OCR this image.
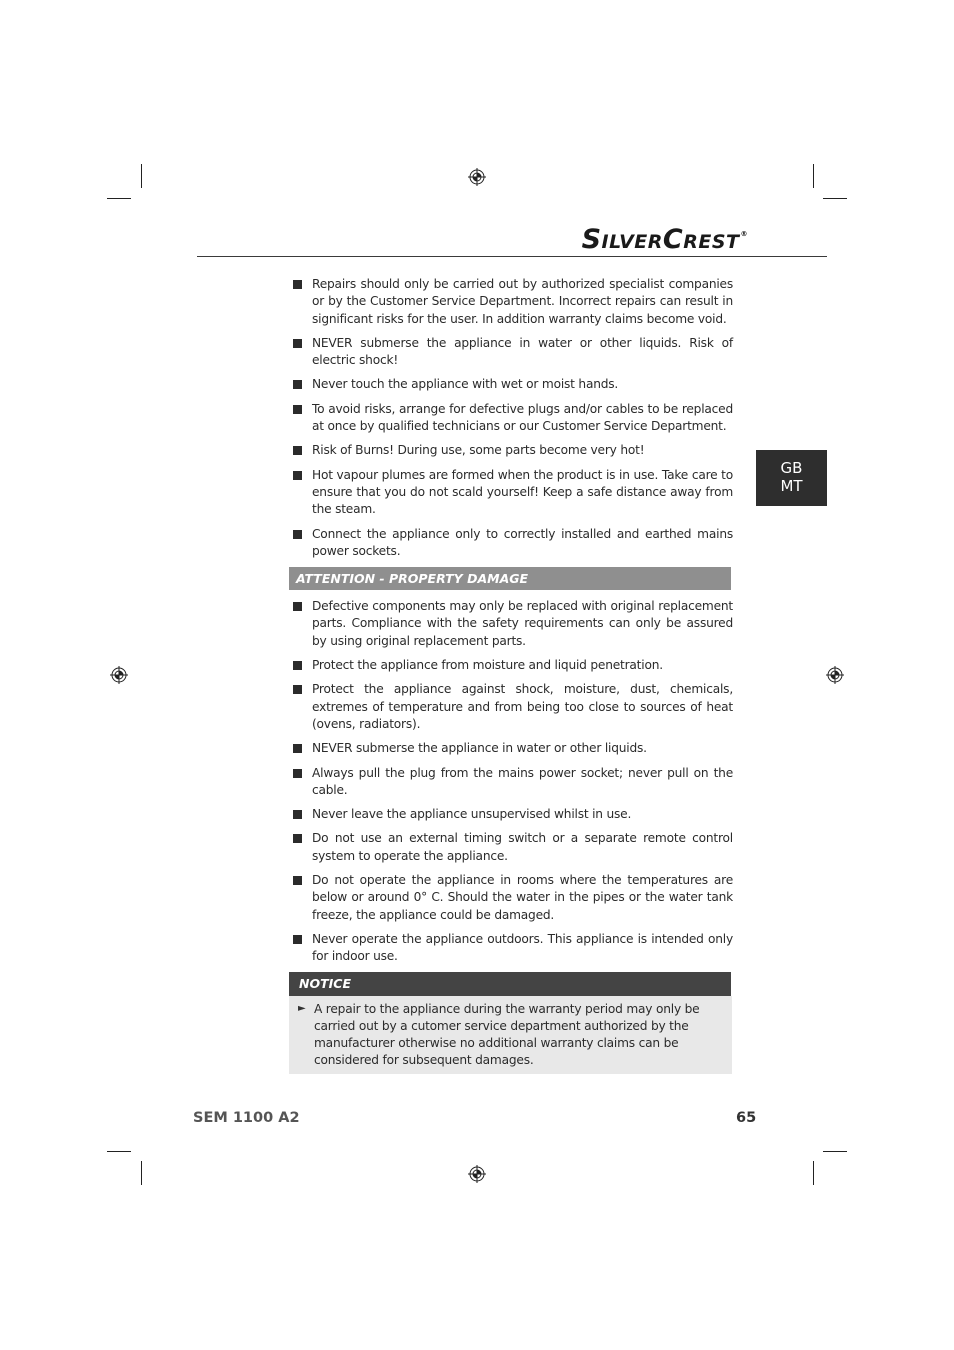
SILVERCREST®
GB
MT
Repairs should only be carried out by authorized specialist companies or by the Customer Service Department. Incorrect repairs can result in significant risks for the user. In addition warranty claims become void.
NEVER submerse the appliance in water or other liquids. Risk of electric shock!
Never touch the appliance with wet or moist hands.
To avoid risks, arrange for defective plugs and/or cables to be replaced at once by qualified technicians or our Customer Service Department.
Risk of Burns! During use, some parts become very hot!
Hot vapour plumes are formed when the product is in use. Take care to ensure that you do not scald yourself! Keep a safe distance away from the steam.
Connect the appliance only to correctly installed and earthed mains power sockets.
ATTENTION - PROPERTY DAMAGE
Defective components may only be replaced with original replacement parts. Compliance with the safety requirements can only be assured by using original replacement parts.
Protect the appliance from moisture and liquid penetration.
Protect the appliance against shock, moisture, dust, chemicals, extremes of temperature and from being too close to sources of heat (ovens, radiators).
NEVER submerse the appliance in water or other liquids.
Always pull the plug from the mains power socket; never pull on the cable.
Never leave the appliance unsupervised whilst in use.
Do not use an external timing switch or a separate remote control system to operate the appliance.
Do not operate the appliance in rooms where the temperatures are below or around 0° C. Should the water in the pipes or the water tank freeze, the appliance could be damaged.
Never operate the appliance outdoors. This appliance is intended only for indoor use.
NOTICE
► A repair to the appliance during the warranty period may only be carried out by a cutomer service department authorized by the manufacturer otherwise no additional warranty claims can be considered for subsequent damages.
SEM 1100 A2	65
